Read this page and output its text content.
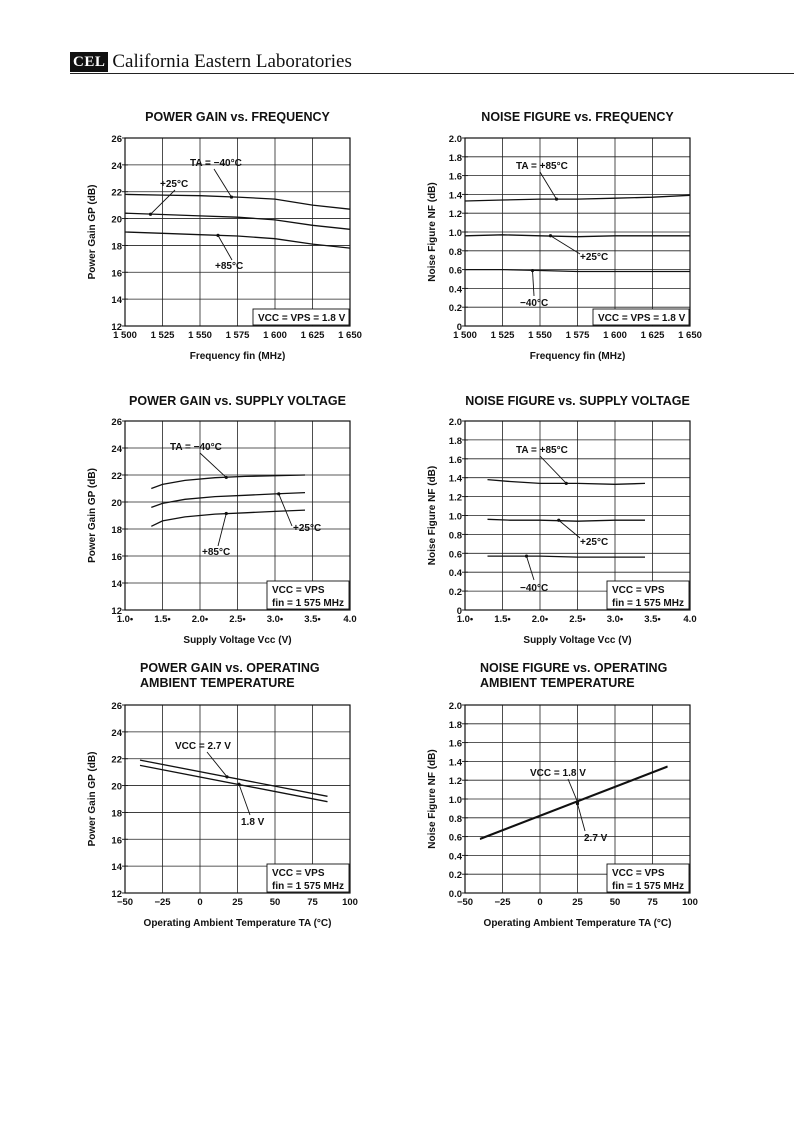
CEL California Eastern Laboratories
POWER GAIN vs. FREQUENCY
1 500 1 525 1 550 1 575 1 600 1 625 1 650
12
14
16
18
20
22
24
26
Frequency fin (MHz)
Power Gain GP (dB)
TA = −40°C
+25°C
+85°C
VCC = VPS = 1.8 V
NOISE FIGURE vs. FREQUENCY
1 500 1 525 1 550 1 575 1 600 1 625 1 650
0
0.2
0.4
0.6
0.8
1.0
1.2
1.4
1.6
1.8
2.0
Frequency fin (MHz)
Noise Figure NF (dB)
TA = +85°C
+25°C
−40°C
VCC = VPS = 1.8 V
POWER GAIN vs. SUPPLY VOLTAGE
1.0• 1.5• 2.0• 2.5• 3.0• 3.5• 4.0
12
14
16
18
20
22
24
26
Supply Voltage Vcc (V)
Power Gain GP (dB)
TA = −40°C
+25°C
+85°C
VCC = VPS
fin = 1 575 MHz
NOISE FIGURE vs. SUPPLY VOLTAGE
1.0• 1.5• 2.0• 2.5• 3.0• 3.5• 4.0
0
0.2
0.4
0.6
0.8
1.0
1.2
1.4
1.6
1.8
2.0
Supply Voltage Vcc (V)
Noise Figure NF (dB)
TA = +85°C
+25°C
−40°C	VCC = VPS
fin = 1 575 MHz
POWER GAIN vs. OPERATING
AMBIENT TEMPERATURE
−50 −25	0	25	50	75	100
12
14
16
18
20
22
24
26
Operating Ambient Temperature TA (°C)
Power Gain GP (dB)
VCC = 2.7 V
1.8 V
VCC = VPS
fin = 1 575 MHz
NOISE FIGURE vs. OPERATING
AMBIENT TEMPERATURE
−50 −25	0	25	50	75	100
0.0
0.2
0.4
0.6
0.8
1.0
1.2
1.4
1.6
1.8
2.0
Operating Ambient Temperature TA (°C)
Noise Figure NF (dB)	VCC = 1.8 V
2.7 V
VCC = VPS
fin = 1 575 MHz
